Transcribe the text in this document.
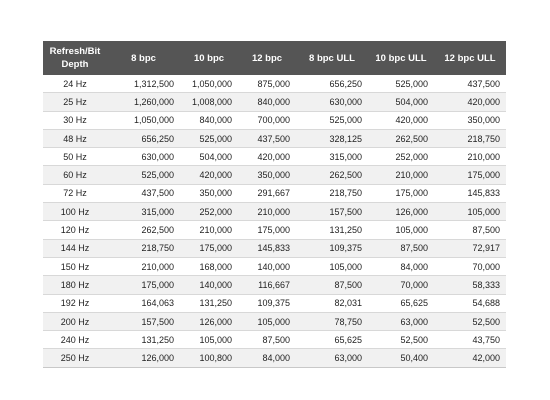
Refresh/Bit Depth	8 bpc	10 bpc	12 bpc	8 bpc ULL	10 bpc ULL	12 bpc ULL
24 Hz	1,312,500	1,050,000	875,000	656,250	525,000	437,500
25 Hz	1,260,000	1,008,000	840,000	630,000	504,000	420,000
30 Hz	1,050,000	840,000	700,000	525,000	420,000	350,000
48 Hz	656,250	525,000	437,500	328,125	262,500	218,750
50 Hz	630,000	504,000	420,000	315,000	252,000	210,000
60 Hz	525,000	420,000	350,000	262,500	210,000	175,000
72 Hz	437,500	350,000	291,667	218,750	175,000	145,833
100 Hz	315,000	252,000	210,000	157,500	126,000	105,000
120 Hz	262,500	210,000	175,000	131,250	105,000	87,500
144 Hz	218,750	175,000	145,833	109,375	87,500	72,917
150 Hz	210,000	168,000	140,000	105,000	84,000	70,000
180 Hz	175,000	140,000	116,667	87,500	70,000	58,333
192 Hz	164,063	131,250	109,375	82,031	65,625	54,688
200 Hz	157,500	126,000	105,000	78,750	63,000	52,500
240 Hz	131,250	105,000	87,500	65,625	52,500	43,750
250 Hz	126,000	100,800	84,000	63,000	50,400	42,000
